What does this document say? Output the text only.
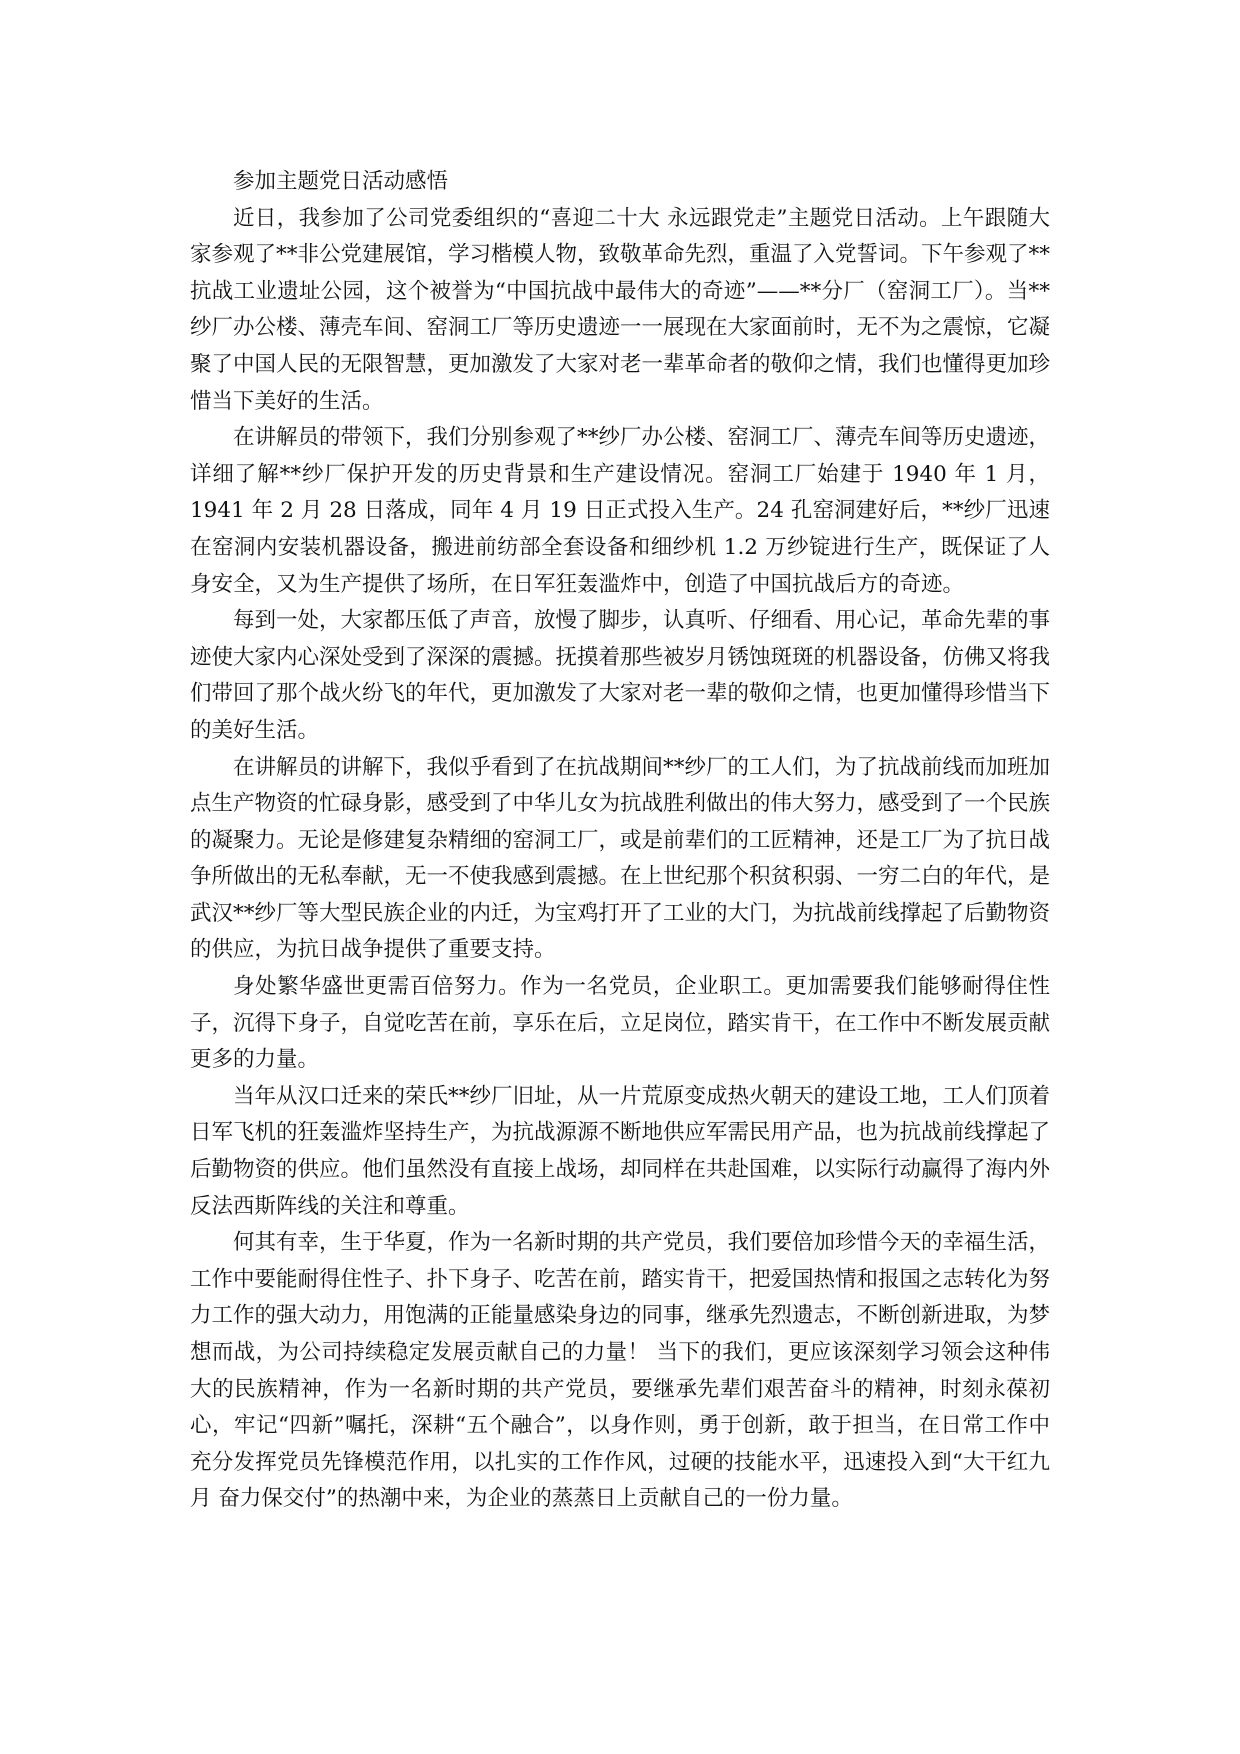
参加主题党日活动感悟

近日，我参加了公司党委组织的“喜迎二十大 永远跟党走”主题党日活动。上午跟随大家参观了**非公党建展馆，学习楷模人物，致敬革命先烈，重温了入党誓词。下午参观了**抗战工业遗址公园，这个被誉为“中国抗战中最伟大的奇迹”——**分厂（窑洞工厂）。当**纱厂办公楼、薄壳车间、窑洞工厂等历史遗迹一一展现在大家面前时，无不为之震惊，它凝聚了中国人民的无限智慧，更加激发了大家对老一辈革命者的敬仰之情，我们也懂得更加珍惜当下美好的生活。

在讲解员的带领下，我们分别参观了**纱厂办公楼、窑洞工厂、薄壳车间等历史遗迹，详细了解**纱厂保护开发的历史背景和生产建设情况。窑洞工厂始建于 1940 年 1 月，1941 年 2 月 28 日落成，同年 4 月 19 日正式投入生产。24 孔窑洞建好后，**纱厂迅速在窑洞内安装机器设备，搬进前纺部全套设备和细纱机 1.2 万纱锭进行生产，既保证了人身安全，又为生产提供了场所，在日军狂轰滥炸中，创造了中国抗战后方的奇迹。

每到一处，大家都压低了声音，放慢了脚步，认真听、仔细看、用心记，革命先辈的事迹使大家内心深处受到了深深的震撼。抚摸着那些被岁月锈蚀斑斑的机器设备，仿佛又将我们带回了那个战火纷飞的年代，更加激发了大家对老一辈的敬仰之情，也更加懂得珍惜当下的美好生活。

在讲解员的讲解下，我似乎看到了在抗战期间**纱厂的工人们，为了抗战前线而加班加点生产物资的忙碌身影，感受到了中华儿女为抗战胜利做出的伟大努力，感受到了一个民族的凝聚力。无论是修建复杂精细的窑洞工厂，或是前辈们的工匠精神，还是工厂为了抗日战争所做出的无私奉献，无一不使我感到震撼。在上世纪那个积贫积弱、一穷二白的年代，是武汉**纱厂等大型民族企业的内迁，为宝鸡打开了工业的大门，为抗战前线撑起了后勤物资的供应，为抗日战争提供了重要支持。

身处繁华盛世更需百倍努力。作为一名党员，企业职工。更加需要我们能够耐得住性子，沉得下身子，自觉吃苦在前，享乐在后，立足岗位，踏实肯干，在工作中不断发展贡献更多的力量。

当年从汉口迁来的荣氏**纱厂旧址，从一片荒原变成热火朝天的建设工地，工人们顶着日军飞机的狂轰滥炸坚持生产，为抗战源源不断地供应军需民用产品，也为抗战前线撑起了后勤物资的供应。他们虽然没有直接上战场，却同样在共赴国难，以实际行动赢得了海内外反法西斯阵线的关注和尊重。

何其有幸，生于华夏，作为一名新时期的共产党员，我们要倍加珍惜今天的幸福生活，工作中要能耐得住性子、扑下身子、吃苦在前，踏实肯干，把爱国热情和报国之志转化为努力工作的强大动力，用饱满的正能量感染身边的同事，继承先烈遗志，不断创新进取，为梦想而战，为公司持续稳定发展贡献自己的力量！ 当下的我们，更应该深刻学习领会这种伟大的民族精神，作为一名新时期的共产党员，要继承先辈们艰苦奋斗的精神，时刻永葆初心，牢记“四新”嘱托，深耕“五个融合”，以身作则，勇于创新，敢于担当，在日常工作中充分发挥党员先锋模范作用，以扎实的工作作风，过硬的技能水平，迅速投入到“大干红九月 奋力保交付”的热潮中来，为企业的蒸蒸日上贡献自己的一份力量。
